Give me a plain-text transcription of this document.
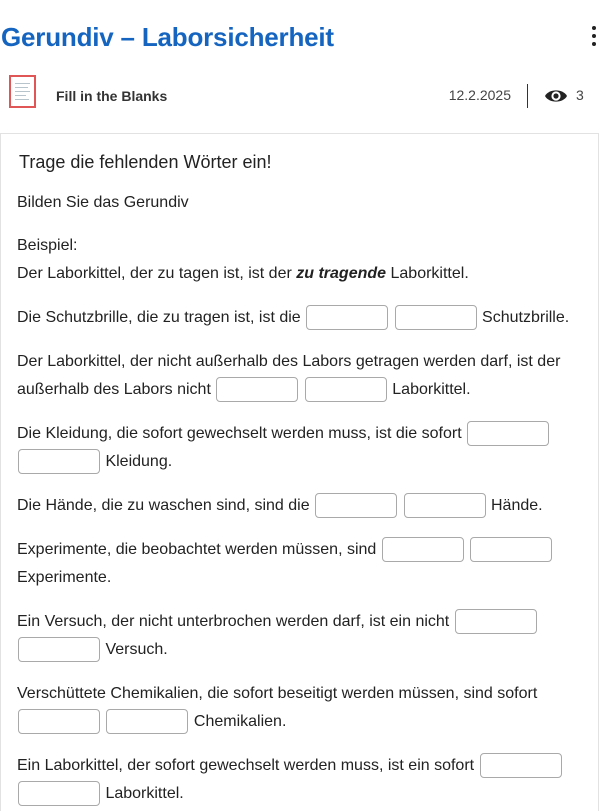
Gerundiv – Laborsicherheit
Fill in the Blanks	12.2.2025	3
Trage die fehlenden Wörter ein!
Bilden Sie das Gerundiv
Beispiel:
Der Laborkittel, der zu tagen ist, ist der zu tragende Laborkittel.
Die Schutzbrille, die zu tragen ist, ist die	Schutzbrille.
Der Laborkittel, der nicht außerhalb des Labors getragen werden darf, ist der außerhalb des Labors nicht	Laborkittel.
Die Kleidung, die sofort gewechselt werden muss, ist die sofort   Kleidung.
Die Hände, die zu waschen sind, sind die	Hände.
Experimente, die beobachtet werden müssen, sind   Experimente.
Ein Versuch, der nicht unterbrochen werden darf, ist ein nicht   Versuch.
Verschüttete Chemikalien, die sofort beseitigt werden müssen, sind sofort   Chemikalien.
Ein Laborkittel, der sofort gewechselt werden muss, ist ein sofort   Laborkittel.
